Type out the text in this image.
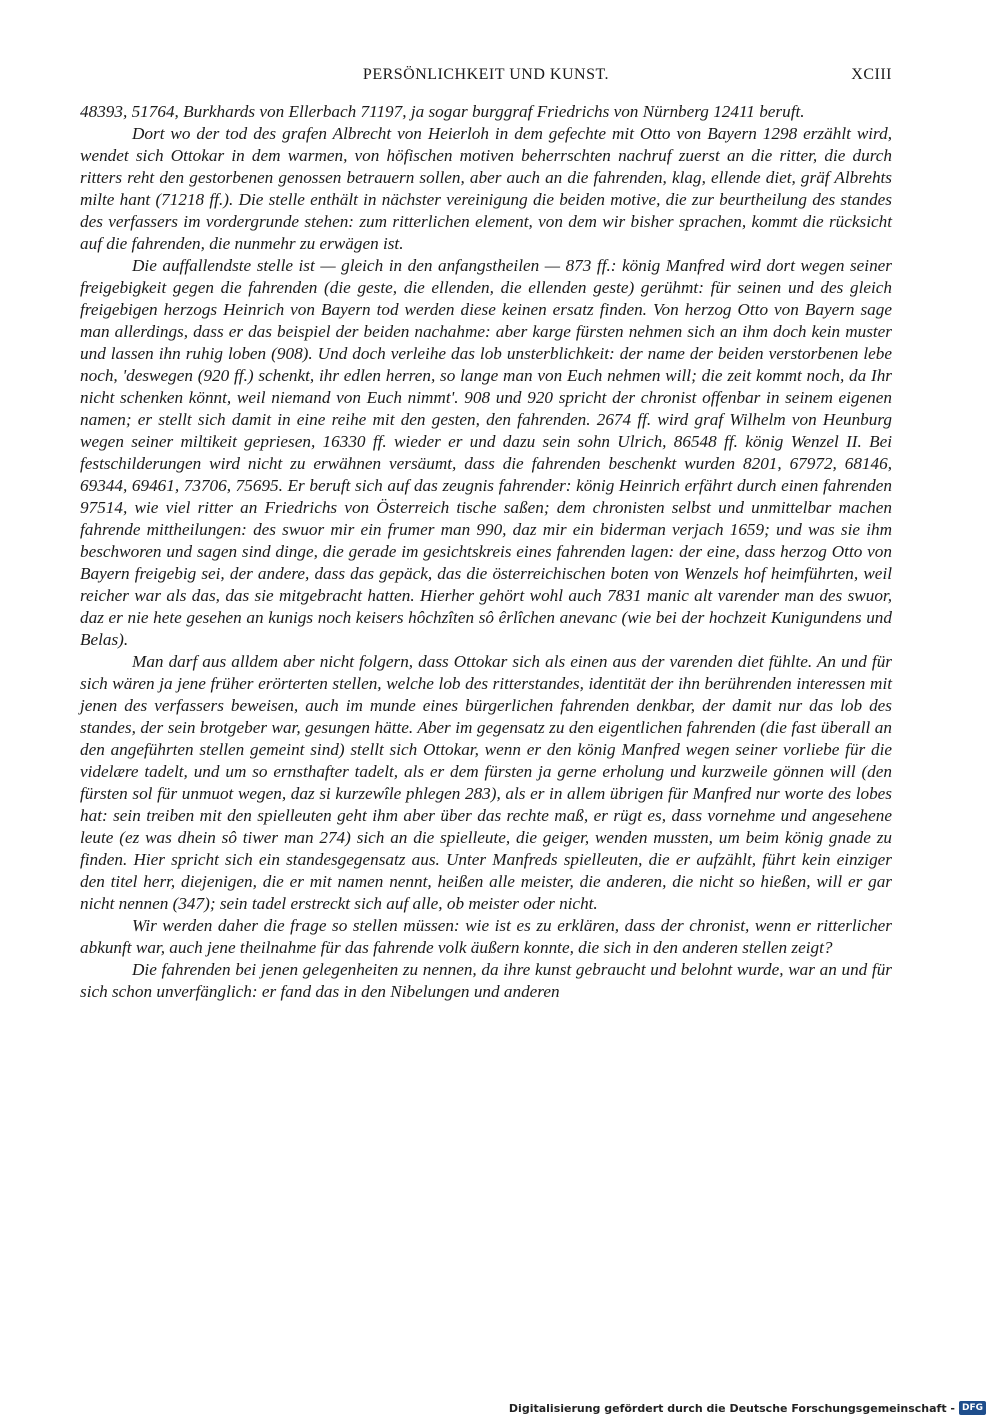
PERSÖNLICHKEIT UND KUNST.	XCIII

48393, 51764, Burkhards von Ellerbach 71197, ja sogar burggraf Friedrichs von Nürnberg 12411 beruft.

Dort wo der tod des grafen Albrecht von Heierloh in dem gefechte mit Otto von Bayern 1298 erzählt wird, wendet sich Ottokar in dem warmen, von höfischen motiven beherrschten nachruf zuerst an die ritter, die durch ritters reht den gestorbenen genossen betrauern sollen, aber auch an die fahrenden, klag, ellende diet, gräf Albrehts milte hant (71218 ff.). Die stelle enthält in nächster vereinigung die beiden motive, die zur beurtheilung des standes des verfassers im vordergrunde stehen: zum ritterlichen element, von dem wir bisher sprachen, kommt die rücksicht auf die fahrenden, die nunmehr zu erwägen ist.

Die auffallendste stelle ist — gleich in den anfangstheilen — 873 ff.: könig Manfred wird dort wegen seiner freigebigkeit gegen die fahrenden (die geste, die ellenden, die ellenden geste) gerühmt: für seinen und des gleich freigebigen herzogs Heinrich von Bayern tod werden diese keinen ersatz finden. Von herzog Otto von Bayern sage man allerdings, dass er das beispiel der beiden nachahme: aber karge fürsten nehmen sich an ihm doch kein muster und lassen ihn ruhig loben (908). Und doch verleihe das lob unsterblichkeit: der name der beiden verstorbenen lebe noch, 'deswegen (920 ff.) schenkt, ihr edlen herren, so lange man von Euch nehmen will; die zeit kommt noch, da Ihr nicht schenken könnt, weil niemand von Euch nimmt'. 908 und 920 spricht der chronist offenbar in seinem eigenen namen; er stellt sich damit in eine reihe mit den gesten, den fahrenden. 2674 ff. wird graf Wilhelm von Heunburg wegen seiner miltikeit gepriesen, 16330 ff. wieder er und dazu sein sohn Ulrich, 86548 ff. könig Wenzel II. Bei festschilderungen wird nicht zu erwähnen versäumt, dass die fahrenden beschenkt wurden 8201, 67972, 68146, 69344, 69461, 73706, 75695. Er beruft sich auf das zeugnis fahrender: könig Heinrich erfährt durch einen fahrenden 97514, wie viel ritter an Friedrichs von Österreich tische saßen; dem chronisten selbst und unmittelbar machen fahrende mittheilungen: des swuor mir ein frumer man 990, daz mir ein biderman verjach 1659; und was sie ihm beschworen und sagen sind dinge, die gerade im gesichtskreis eines fahrenden lagen: der eine, dass herzog Otto von Bayern freigebig sei, der andere, dass das gepäck, das die österreichischen boten von Wenzels hof heimführten, weil reicher war als das, das sie mitgebracht hatten. Hierher gehört wohl auch 7831 manic alt varender man des swuor, daz er nie hete gesehen an kunigs noch keisers hôchzîten sô êrlîchen anevanc (wie bei der hochzeit Kunigundens und Belas).

Man darf aus alldem aber nicht folgern, dass Ottokar sich als einen aus der varenden diet fühlte. An und für sich wären ja jene früher erörterten stellen, welche lob des ritterstandes, identität der ihn berührenden interessen mit jenen des verfassers beweisen, auch im munde eines bürgerlichen fahrenden denkbar, der damit nur das lob des standes, der sein brotgeber war, gesungen hätte. Aber im gegensatz zu den eigentlichen fahrenden (die fast überall an den angeführten stellen gemeint sind) stellt sich Ottokar, wenn er den könig Manfred wegen seiner vorliebe für die videlære tadelt, und um so ernsthafter tadelt, als er dem fürsten ja gerne erholung und kurzweile gönnen will (den fürsten sol für unmuot wegen, daz si kurzewîle phlegen 283), als er in allem übrigen für Manfred nur worte des lobes hat: sein treiben mit den spielleuten geht ihm aber über das rechte maß, er rügt es, dass vornehme und angesehene leute (ez was dhein sô tiwer man 274) sich an die spielleute, die geiger, wenden mussten, um beim könig gnade zu finden. Hier spricht sich ein standesgegensatz aus. Unter Manfreds spielleuten, die er aufzählt, führt kein einziger den titel herr, diejenigen, die er mit namen nennt, heißen alle meister, die anderen, die nicht so hießen, will er gar nicht nennen (347); sein tadel erstreckt sich auf alle, ob meister oder nicht.

Wir werden daher die frage so stellen müssen: wie ist es zu erklären, dass der chronist, wenn er ritterlicher abkunft war, auch jene theilnahme für das fahrende volk äußern konnte, die sich in den anderen stellen zeigt?

Die fahrenden bei jenen gelegenheiten zu nennen, da ihre kunst gebraucht und belohnt wurde, war an und für sich schon unverfänglich: er fand das in den Nibelungen und anderen

Digitalisierung gefördert durch die Deutsche Forschungsgemeinschaft - DFG
